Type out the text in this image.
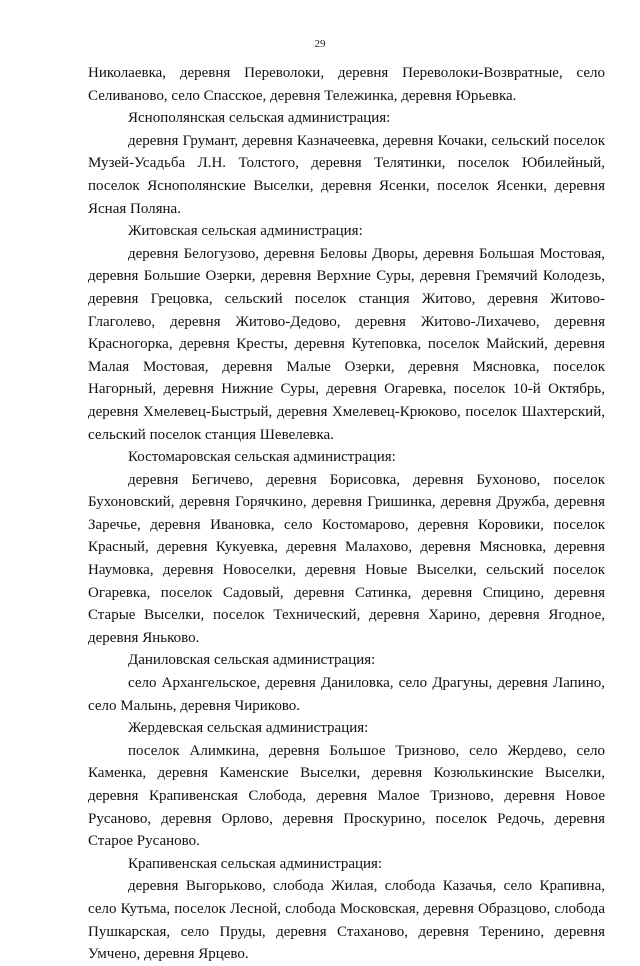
29

Николаевка, деревня Переволоки, деревня Переволоки-Возвратные, село Селиваново, село Спасское, деревня Тележинка, деревня Юрьевка.

Яснополянская сельская администрация:

деревня Грумант, деревня Казначеевка, деревня Кочаки, сельский поселок Музей-Усадьба Л.Н. Толстого, деревня Телятинки, поселок Юбилейный, поселок Яснополянские Выселки, деревня Ясенки, поселок Ясенки, деревня Ясная Поляна.

Житовская сельская администрация:

деревня Белогузово, деревня Беловы Дворы, деревня Большая Мостовая, деревня Большие Озерки, деревня Верхние Суры, деревня Гремячий Колодезь, деревня Грецовка, сельский поселок станция Житово, деревня Житово-Глаголево, деревня Житово-Дедово, деревня Житово-Лихачево, деревня Красногорка, деревня Кресты, деревня Кутеповка, поселок Майский, деревня Малая Мостовая, деревня Малые Озерки, деревня Мясновка, поселок Нагорный, деревня Нижние Суры, деревня Огаревка, поселок 10-й Октябрь, деревня Хмелевец-Быстрый, деревня Хмелевец-Крюково, поселок Шахтерский, сельский поселок станция Шевелевка.

Костомаровская сельская администрация:

деревня Бегичево, деревня Борисовка, деревня Бухоново, поселок Бухоновский, деревня Горячкино, деревня Гришинка, деревня Дружба, деревня Заречье, деревня Ивановка, село Костомарово, деревня Коровики, поселок Красный, деревня Кукуевка, деревня Малахово, деревня Мясновка, деревня Наумовка, деревня Новоселки, деревня Новые Выселки, сельский поселок Огаревка, поселок Садовый, деревня Сатинка, деревня Спицино, деревня Старые Выселки, поселок Технический, деревня Харино, деревня Ягодное, деревня Яньково.

Даниловская сельская администрация:

село Архангельское, деревня Даниловка, село Драгуны, деревня Лапино, село Малынь, деревня Чириково.

Жердевская сельская администрация:

поселок Алимкина, деревня Большое Тризново, село Жердево, село Каменка, деревня Каменские Выселки, деревня Козюлькинские Выселки, деревня Крапивенская Слобода, деревня Малое Тризново, деревня Новое Русаново, деревня Орлово, деревня Проскурино, поселок Редочь, деревня Старое Русаново.

Крапивенская сельская администрация:

деревня Выгорьково, слобода Жилая, слобода Казачья, село Крапивна, село Кутьма, поселок Лесной, слобода Московская, деревня Образцово, слобода Пушкарская, село Пруды, деревня Стаханово, деревня Теренино, деревня Умчено, деревня Ярцево.
